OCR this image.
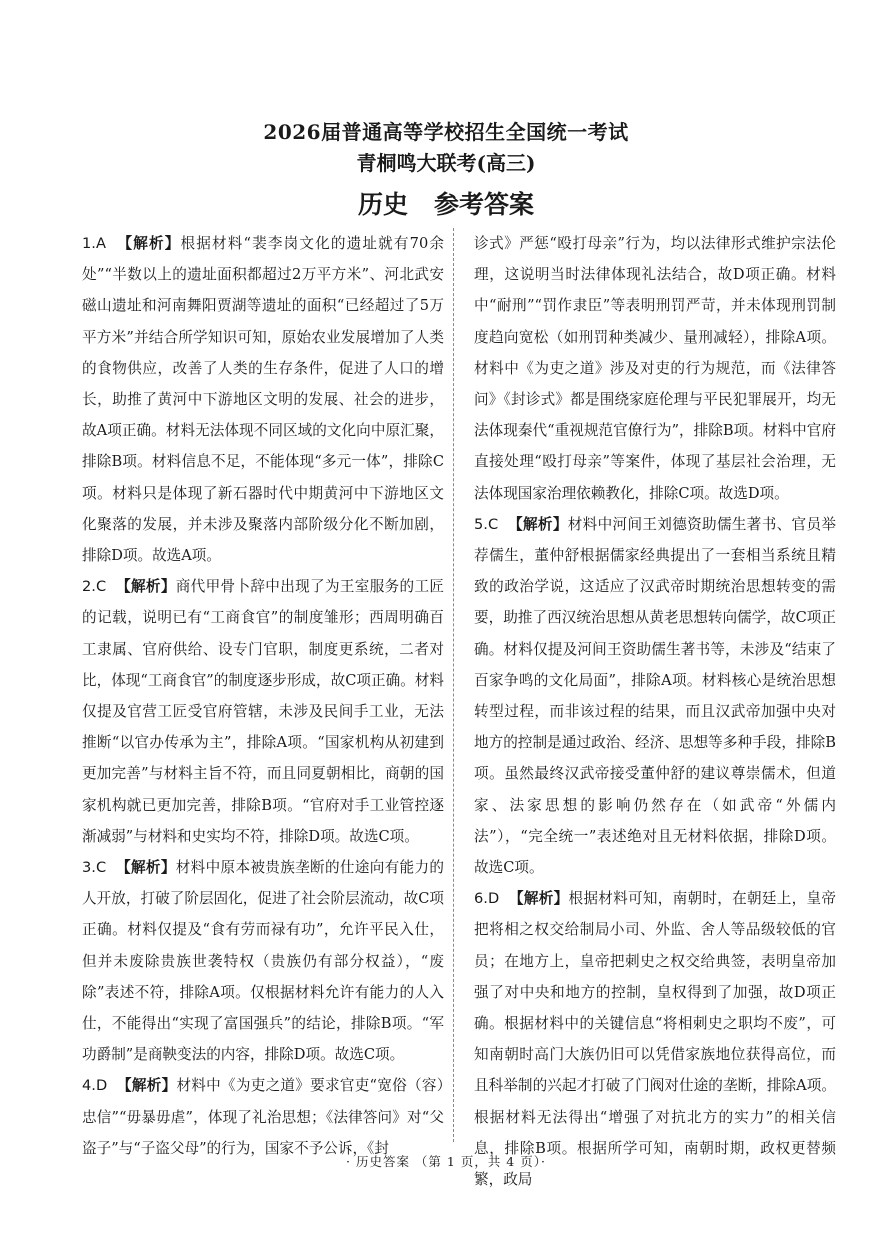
2026届普通高等学校招生全国统一考试
青桐鸣大联考(高三)
历史 参考答案

1.A 【解析】根据材料“裴李岗文化的遗址就有70余处”“半数以上的遗址面积都超过2万平方米”、河北武安磁山遗址和河南舞阳贾湖等遗址的面积“已经超过了5万平方米”并结合所学知识可知，原始农业发展增加了人类的食物供应，改善了人类的生存条件，促进了人口的增长，助推了黄河中下游地区文明的发展、社会的进步，故A项正确。材料无法体现不同区域的文化向中原汇聚，排除B项。材料信息不足，不能体现“多元一体”，排除C项。材料只是体现了新石器时代中期黄河中下游地区文化聚落的发展，并未涉及聚落内部阶级分化不断加剧，排除D项。故选A项。

2.C 【解析】商代甲骨卜辞中出现了为王室服务的工匠的记载，说明已有“工商食官”的制度雏形；西周明确百工隶属、官府供给、设专门官职，制度更系统，二者对比，体现“工商食官”的制度逐步形成，故C项正确。材料仅提及官营工匠受官府管辖，未涉及民间手工业，无法推断“以官办传承为主”，排除A项。“国家机构从初建到更加完善”与材料主旨不符，而且同夏朝相比，商朝的国家机构就已更加完善，排除B项。“官府对手工业管控逐渐减弱”与材料和史实均不符，排除D项。故选C项。

3.C 【解析】材料中原本被贵族垄断的仕途向有能力的人开放，打破了阶层固化，促进了社会阶层流动，故C项正确。材料仅提及“食有劳而禄有功”，允许平民入仕，但并未废除贵族世袭特权（贵族仍有部分权益），“废除”表述不符，排除A项。仅根据材料允许有能力的人入仕，不能得出“实现了富国强兵”的结论，排除B项。“军功爵制”是商鞅变法的内容，排除D项。故选C项。

4.D 【解析】材料中《为吏之道》要求官吏“宽俗（容）忠信”“毋暴毋虐”，体现了礼治思想；《法律答问》对“父盗子”与“子盗父母”的行为，国家不予公诉，《封

诊式》严惩“殴打母亲”行为，均以法律形式维护宗法伦理，这说明当时法律体现礼法结合，故D项正确。材料中“耐刑”“罚作隶臣”等表明刑罚严苛，并未体现刑罚制度趋向宽松（如刑罚种类减少、量刑减轻），排除A项。材料中《为吏之道》涉及对吏的行为规范，而《法律答问》《封诊式》都是围绕家庭伦理与平民犯罪展开，均无法体现秦代“重视规范官僚行为”，排除B项。材料中官府直接处理“殴打母亲”等案件，体现了基层社会治理，无法体现国家治理依赖教化，排除C项。故选D项。

5.C 【解析】材料中河间王刘德资助儒生著书、官员举荐儒生，董仲舒根据儒家经典提出了一套相当系统且精致的政治学说，这适应了汉武帝时期统治思想转变的需要，助推了西汉统治思想从黄老思想转向儒学，故C项正确。材料仅提及河间王资助儒生著书等，未涉及“结束了百家争鸣的文化局面”，排除A项。材料核心是统治思想转型过程，而非该过程的结果，而且汉武帝加强中央对地方的控制是通过政治、经济、思想等多种手段，排除B项。虽然最终汉武帝接受董仲舒的建议尊崇儒术，但道家、法家思想的影响仍然存在（如武帝“外儒内法”），“完全统一”表述绝对且无材料依据，排除D项。故选C项。

6.D 【解析】根据材料可知，南朝时，在朝廷上，皇帝把将相之权交给制局小司、外监、舍人等品级较低的官员；在地方上，皇帝把刺史之权交给典签，表明皇帝加强了对中央和地方的控制，皇权得到了加强，故D项正确。根据材料中的关键信息“将相刺史之职均不废”，可知南朝时高门大族仍旧可以凭借家族地位获得高位，而且科举制的兴起才打破了门阀对仕途的垄断，排除A项。根据材料无法得出“增强了对抗北方的实力”的相关信息，排除B项。根据所学可知，南朝时期，政权更替频繁，政局

· 历史答案 （第 1 页，共 4 页）·
